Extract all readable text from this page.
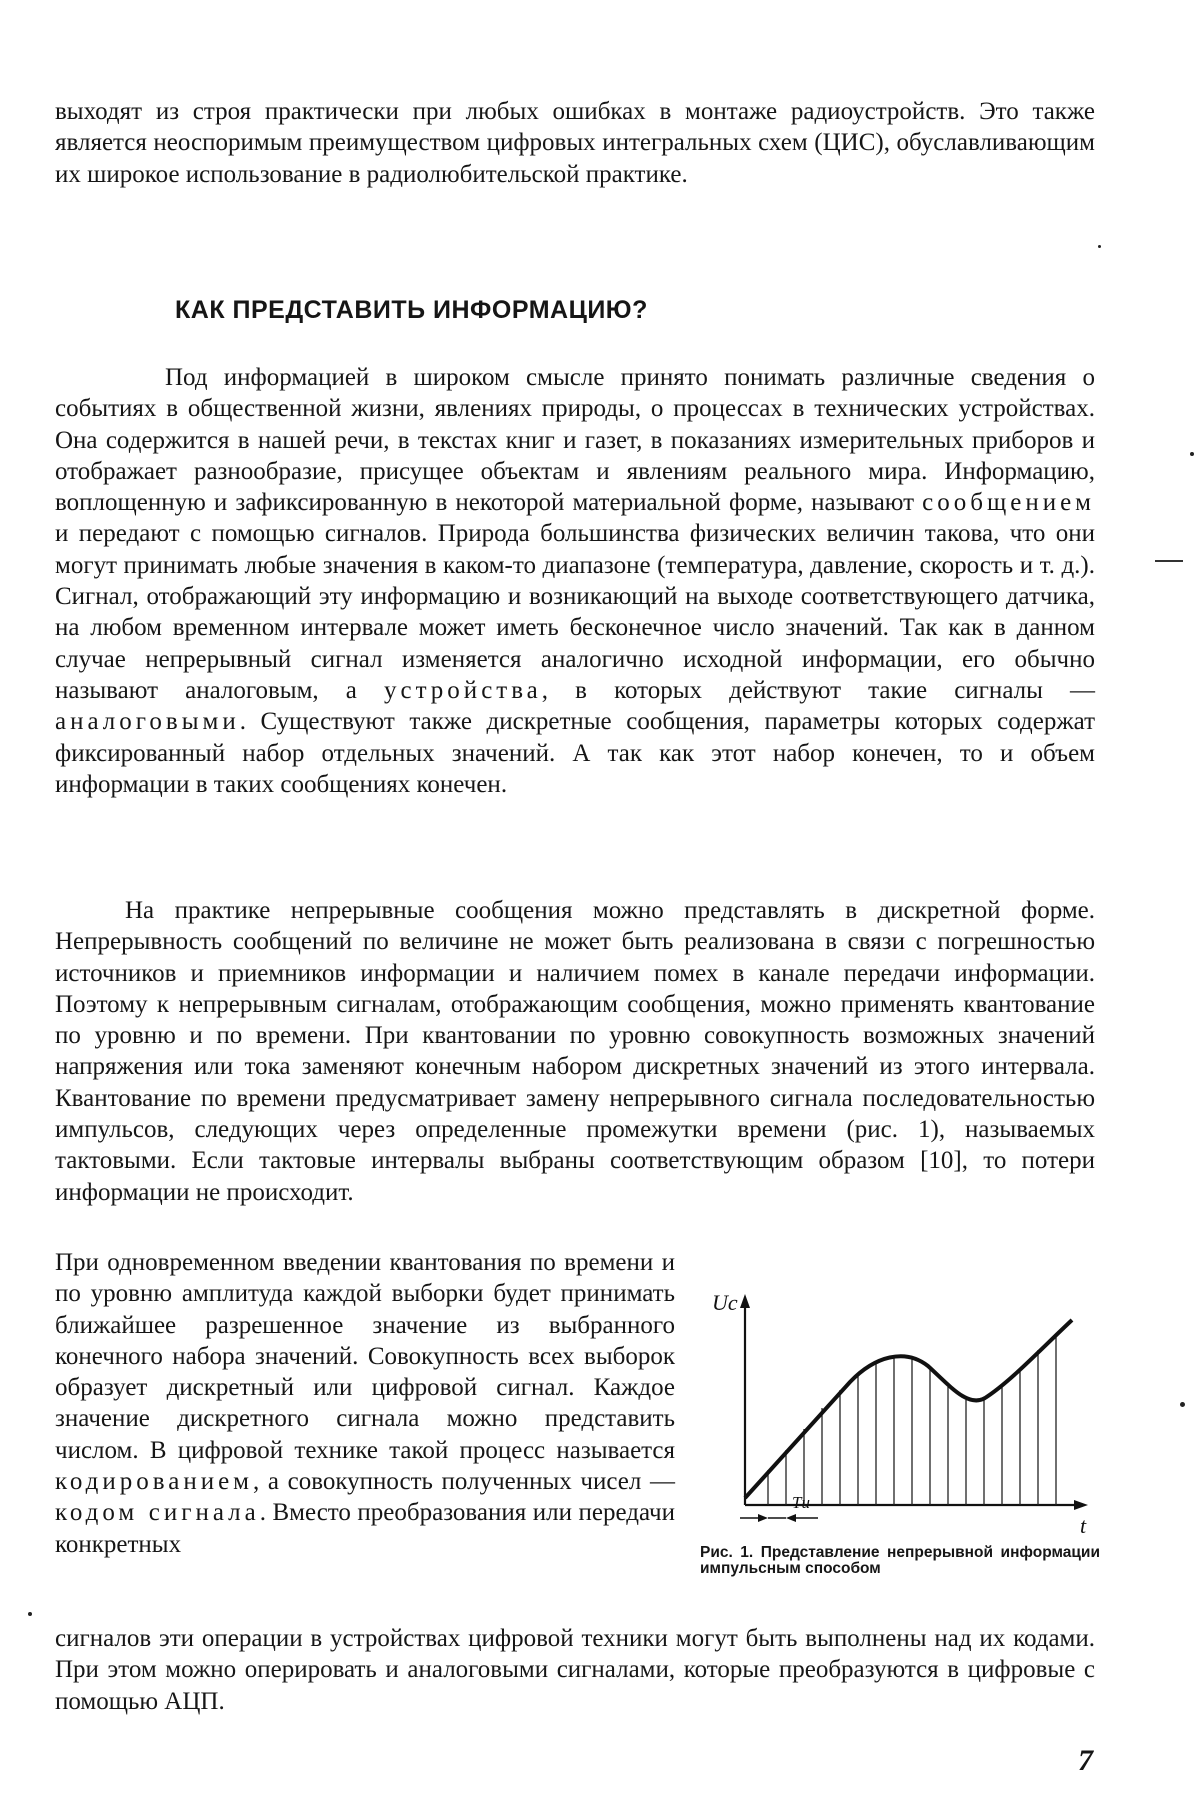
выходят из строя практически при любых ошибках в монтаже радиоустройств. Это также является неоспоримым преимуществом цифровых интегральных схем (ЦИС), обуславливающим их широкое использование в радиолюбительской практике.
КАК ПРЕДСТАВИТЬ ИНФОРМАЦИЮ?
Под информацией в широком смысле принято понимать различные сведения о событиях в общественной жизни, явлениях природы, о процессах в технических устройствах. Она содержится в нашей речи, в текстах книг и газет, в показаниях измерительных приборов и отображает разнообразие, присущее объектам и явлениям реального мира. Информацию, воплощенную и зафиксированную в некоторой материальной форме, называют сообщением и передают с помощью сигналов. Природа большинства физических величин такова, что они могут принимать любые значения в каком-то диапазоне (температура, давление, скорость и т. д.). Сигнал, отображающий эту информацию и возникающий на выходе соответствующего датчика, на любом временном интервале может иметь бесконечное число значений. Так как в данном случае непрерывный сигнал изменяется аналогично исходной информации, его обычно называют аналоговым, а устройства, в которых действуют такие сигналы — аналоговыми. Существуют также дискретные сообщения, параметры которых содержат фиксированный набор отдельных значений. А так как этот набор конечен, то и объем информации в таких сообщениях конечен.
На практике непрерывные сообщения можно представлять в дискретной форме. Непрерывность сообщений по величине не может быть реализована в связи с погрешностью источников и приемников информации и наличием помех в канале передачи информации. Поэтому к непрерывным сигналам, отображающим сообщения, можно применять квантование по уровню и по времени. При квантовании по уровню совокупность возможных значений напряжения или тока заменяют конечным набором дискретных значений из этого интервала. Квантование по времени предусматривает замену непрерывного сигнала последовательностью импульсов, следующих через определенные промежутки времени (рис. 1), называемых тактовыми. Если тактовые интервалы выбраны соответствующим образом [10], то потери информации не происходит.
При одновременном введении квантования по времени и по уровню амплитуда каждой выборки будет принимать ближайшее разрешенное значение из выбранного конечного набора значений. Совокупность всех выборок образует дискретный или цифровой сигнал. Каждое значение дискретного сигнала можно представить числом. В цифровой технике такой процесс называется кодированием, а совокупность полученных чисел — кодом сигнала. Вместо преобразования или передачи конкретных
Uc
Tи
t
Рис. 1. Представление непрерывной информации импульсным способом
сигналов эти операции в устройствах цифровой техники могут быть выполнены над их кодами. При этом можно оперировать и аналоговыми сигналами, которые преобразуются в цифровые с помощью АЦП.
7
